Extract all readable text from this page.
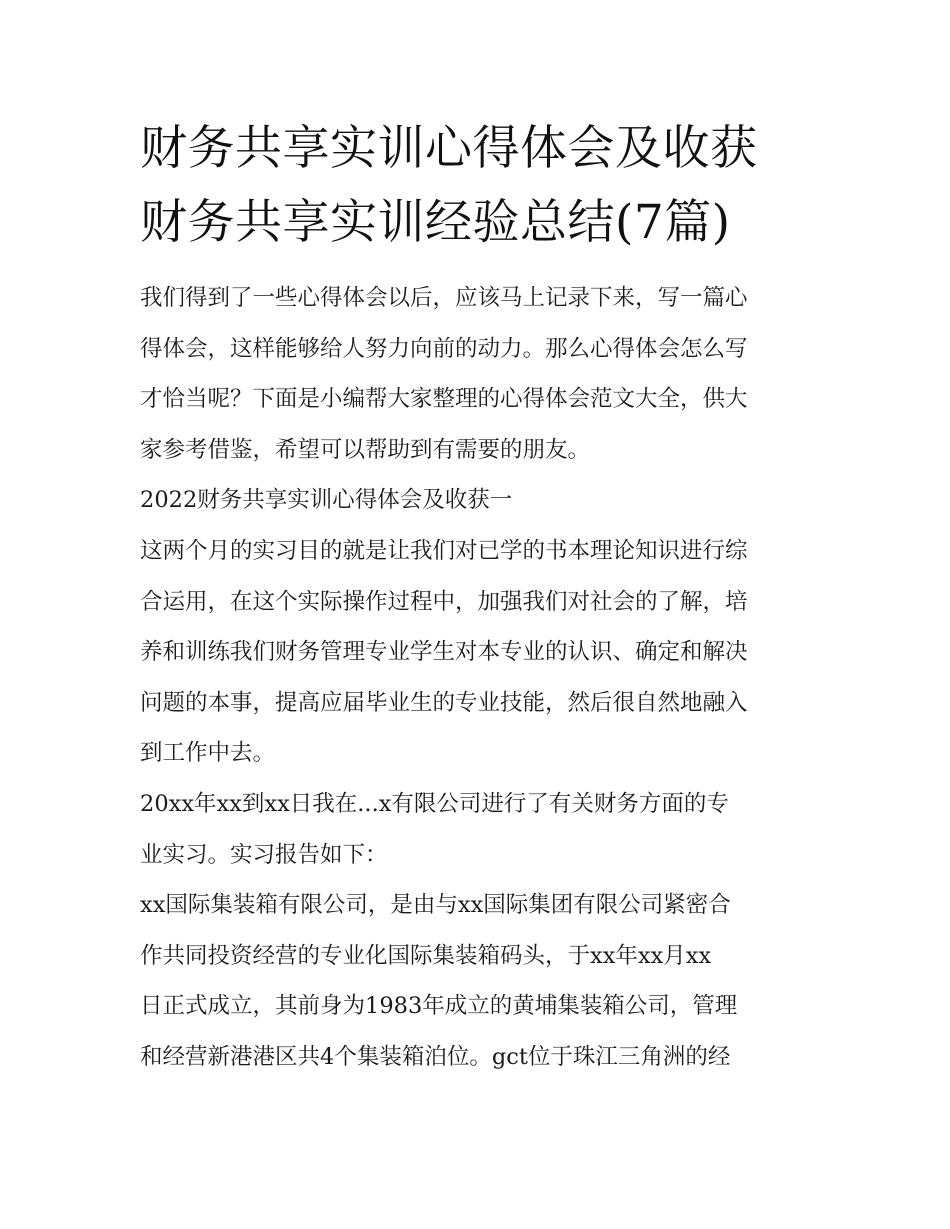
财务共享实训心得体会及收获
财务共享实训经验总结(7篇)

我们得到了一些心得体会以后，应该马上记录下来，写一篇心
得体会，这样能够给人努力向前的动力。那么心得体会怎么写
才恰当呢？下面是小编帮大家整理的心得体会范文大全，供大
家参考借鉴，希望可以帮助到有需要的朋友。

2022财务共享实训心得体会及收获一

这两个月的实习目的就是让我们对已学的书本理论知识进行综
合运用，在这个实际操作过程中，加强我们对社会的了解，培
养和训练我们财务管理专业学生对本专业的认识、确定和解决
问题的本事，提高应届毕业生的专业技能，然后很自然地融入
到工作中去。

20xx年xx到xx日我在...x有限公司进行了有关财务方面的专
业实习。实习报告如下：

xx国际集装箱有限公司，是由与xx国际集团有限公司紧密合
作共同投资经营的专业化国际集装箱码头，于xx年xx月xx
日正式成立，其前身为1983年成立的黄埔集装箱公司，管理
和经营新港港区共4个集装箱泊位。gct位于珠江三角洲的经
